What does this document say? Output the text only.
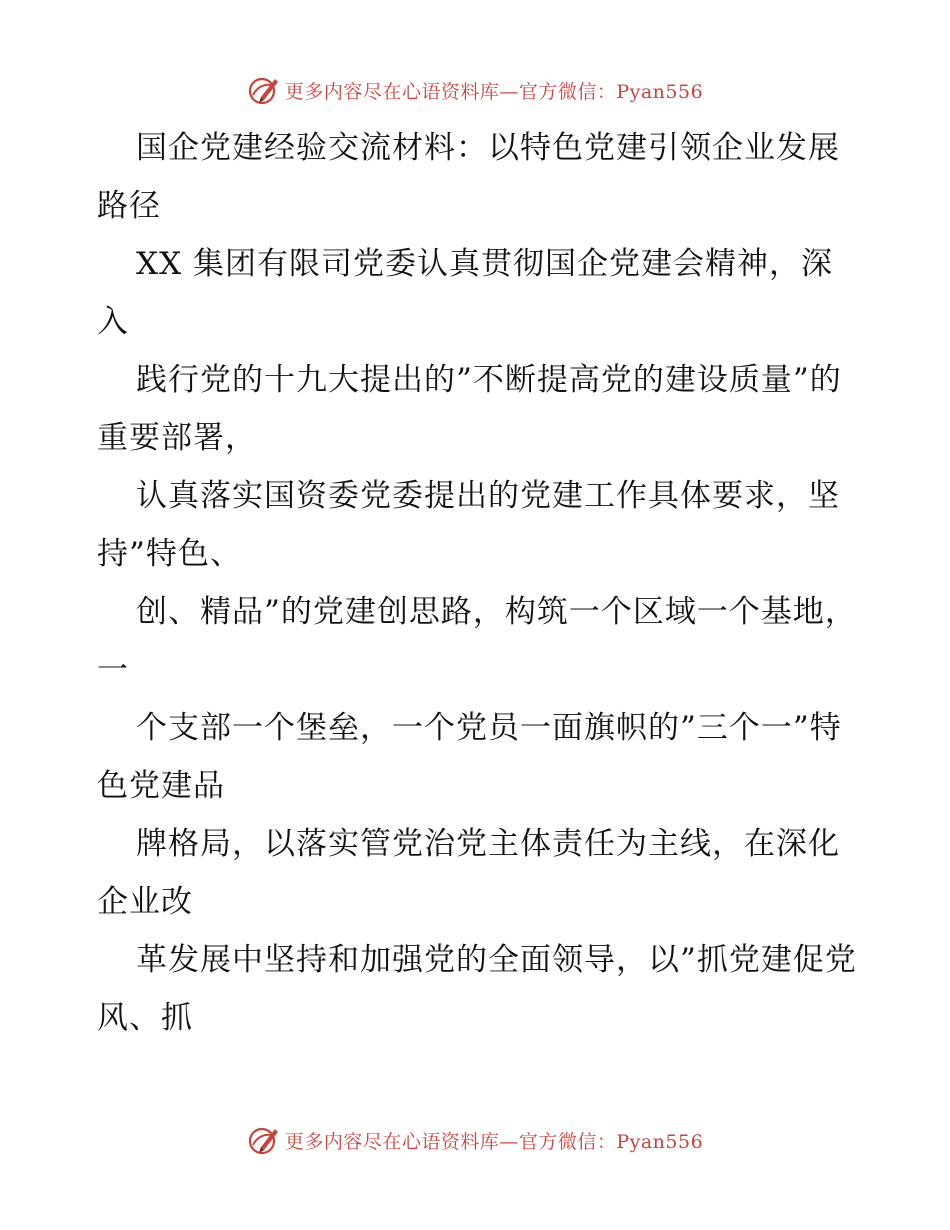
更多内容尽在心语资料库—官方微信：Pyan556

国企党建经验交流材料：以特色党建引领企业发展路径

XX 集团有限司党委认真贯彻国企党建会精神，深入

践行党的十九大提出的”不断提高党的建设质量”的重要部署，

认真落实国资委党委提出的党建工作具体要求，坚持”特色、

创、精品”的党建创思路，构筑一个区域一个基地，一

个支部一个堡垒，一个党员一面旗帜的”三个一”特色党建品

牌格局，以落实管党治党主体责任为主线，在深化企业改

革发展中坚持和加强党的全面领导，以”抓党建促党风、抓

更多内容尽在心语资料库—官方微信：Pyan556
